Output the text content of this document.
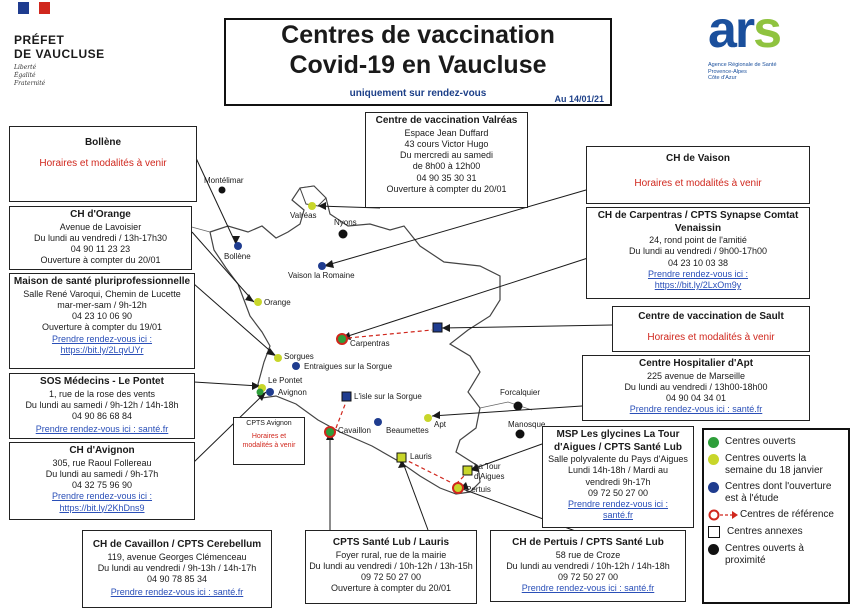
PRÉFET
DE VAUCLUSE
Liberté
Égalité
Fraternité
Centres de vaccination
Covid-19 en Vaucluse
uniquement sur rendez-vous	Au 14/01/21
ars
Agence Régionale de Santé
Provence-Alpes
Côte d'Azur
Bollène
Horaires et modalités à venir
CH d'Orange
Avenue de Lavoisier
Du lundi au vendredi / 13h-17h30
04 90 11 23 23
Ouverture à compter du 20/01
Maison de santé pluriprofessionnelle
Salle René Varoqui, Chemin de Lucette
mar-mer-sam / 9h-12h
04 23 10 06 90
Ouverture à compter du 19/01
Prendre rendez-vous ici :
https://bit.ly/2LqvUYr
SOS Médecins - Le Pontet
1, rue de la rose des vents
Du lundi au samedi / 9h-12h / 14h-18h
04 90 86 68 84
Prendre rendez-vous ici : santé.fr
CH d'Avignon
305, rue Raoul Follereau
Du lundi au samedi / 9h-17h
04 32 75 96 90
Prendre rendez-vous ici :
https://bit.ly/2KhDns9
CPTS Avignon
Horaires et
modalités à venir
CH de Cavaillon / CPTS Cerebellum
119, avenue Georges Clémenceau
Du lundi au vendredi / 9h-13h / 14h-17h
04 90 78 85 34
Prendre rendez-vous ici : santé.fr
CPTS Santé Lub / Lauris
Foyer rural, rue de la mairie
Du lundi au vendredi / 10h-12h / 13h-15h
09 72 50 27 00
Ouverture à compter du 20/01
CH de Pertuis / CPTS Santé Lub
58 rue de Croze
Du lundi au vendredi / 10h-12h / 14h-18h
09 72 50 27 00
Prendre rendez-vous ici : santé.fr
Centre de vaccination Valréas
Espace Jean Duffard
43 cours Victor Hugo
Du mercredi au samedi
de 8h00 à 12h00
04 90 35 30 31
Ouverture à compter du 20/01
CH de Vaison
Horaires et modalités à venir
CH de Carpentras / CPTS Synapse Comtat Venaissin
24, rond point de l'amitié
Du lundi au vendredi / 9h00-17h00
04 23 10 03 38
Prendre rendez-vous ici :
https://bit.ly/2LxOm9y
Centre de vaccination de Sault
Horaires et modalités à venir
Centre Hospitalier d'Apt
225 avenue de Marseille
Du lundi au vendredi / 13h00-18h00
04 90 04 34 01
Prendre rendez-vous ici : santé.fr
MSP Les glycines La Tour
d'Aigues / CPTS Santé Lub
Salle polyvalente du Pays d'Aigues
Lundi 14h-18h / Mardi au
vendredi 9h-17h
09 72 50 27 00
Prendre rendez-vous ici :
santé.fr
Montélimar
Valréas
Nyons
Bollène
Vaison la Romaine
Orange
Carpentras
Sorgues
Entraigues sur la Sorgue
Le Pontet
Avignon	L'isle sur la Sorgue	Forcalquier
Cavaillon Beaumettes
Apt	Manosque
Lauris
La Tour
d'Aigues
Pertuis
Centres ouverts
Centres ouverts la semaine du 18 janvier
Centres dont l'ouverture est à l'étude
Centres de référence
Centres annexes
Centres ouverts à proximité
